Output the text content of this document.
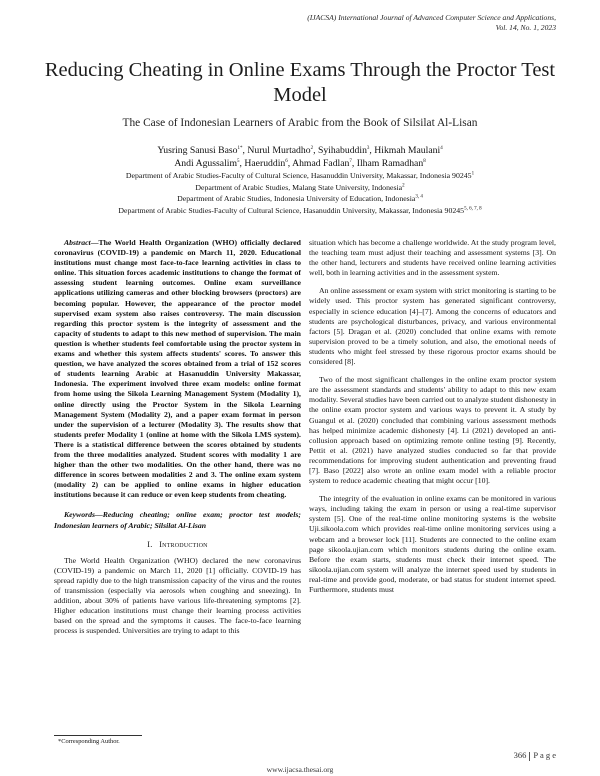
(IJACSA) International Journal of Advanced Computer Science and Applications,
Vol. 14, No. 1, 2023
Reducing Cheating in Online Exams Through the Proctor Test Model
The Case of Indonesian Learners of Arabic from the Book of Silsilat Al-Lisan
Yusring Sanusi Baso$^{1*}$, Nurul Murtadho$^2$, Syihabuddin$^3$, Hikmah Maulani$^4$
Andi Agussalim$^5$, Haeruddin$^6$, Ahmad Fadlan$^7$, Ilham Ramadhan$^8$
Department of Arabic Studies-Faculty of Cultural Science, Hasanuddin University, Makassar, Indonesia 90245$^1$
Department of Arabic Studies, Malang State University, Indonesia$^2$
Department of Arabic Studies, Indonesia University of Education, Indonesia$^{3, 4}$
Department of Arabic Studies-Faculty of Cultural Science, Hasanuddin University, Makassar, Indonesia 90245$^{5, 6, 7, 8}$

Abstract—The World Health Organization (WHO) officially declared coronavirus (COVID-19) a pandemic on March 11, 2020. Educational institutions must change most face-to-face learning activities in class to online. This situation forces academic institutions to change the format of assessing student learning outcomes. Online exam surveillance applications utilizing cameras and other blocking browsers (proctors) are becoming popular. However, the appearance of the proctor model supervised exam system also raises controversy. The main discussion regarding this proctor system is the integrity of assessment and the capacity of students to adapt to this new method of supervision. The main question is whether students feel comfortable using the proctor system in exams and whether this system affects students' scores. To answer this question, we have analyzed the scores obtained from a trial of 152 scores of students learning Arabic at Hasanuddin University Makassar, Indonesia. The experiment involved three exam models: online format from home using the Sikola Learning Management System (Modality 1), online directly using the Proctor System in the Sikola Learning Management System (Modality 2), and a paper exam format in person under the supervision of a lecturer (Modality 3). The results show that students prefer Modality 1 (online at home with the Sikola LMS system). There is a statistical difference between the scores obtained by students from the three modalities analyzed. Student scores with modality 1 are higher than the other two modalities. On the other hand, there was no difference in scores between modalities 2 and 3. The online exam system (modality 2) can be applied to online exams in higher education institutions because it can reduce or even keep students from cheating.

Keywords—Reducing cheating; online exam; proctor test models; Indonesian learners of Arabic; Silsilat Al-Lisan

I. Introduction

The World Health Organization (WHO) declared the new coronavirus (COVID-19) a pandemic on March 11, 2020 [1] officially. COVID-19 has spread rapidly due to the high transmission capacity of the virus and the routes of transmission (especially via aerosols when coughing and sneezing). In addition, about 30% of patients have various life-threatening symptoms [2]. Higher education institutions must change their learning process activities based on the spread and the symptoms it causes. The face-to-face learning process is suspended. Universities are trying to adapt to this

situation which has become a challenge worldwide. At the study program level, the teaching team must adjust their teaching and assessment systems [3]. On the other hand, lecturers and students have received online learning activities well, both in learning activities and in the assessment system.

An online assessment or exam system with strict monitoring is starting to be widely used. This proctor system has generated significant controversy, especially in science education [4]–[7]. Among the concerns of educators and students are psychological disturbances, privacy, and various environmental factors [5]. Dragan et al. (2020) concluded that online exams with remote supervision proved to be a timely solution, and also, the emotional needs of students who might feel stressed by these rigorous proctor exams should be considered [8].

Two of the most significant challenges in the online exam proctor system are the assessment standards and students' ability to adapt to this new exam modality. Several studies have been carried out to analyze student dishonesty in the online exam proctor system and various ways to prevent it. A study by Guangul et al. (2020) concluded that combining various assessment methods has helped minimize academic dishonesty [4]. Li (2021) developed an anti-collusion approach based on optimizing remote online testing [9]. Recently, Pettit et al. (2021) have analyzed studies conducted so far that provide recommendations for improving student authentication and preventing fraud [7]. Baso [2022] also wrote an online exam model with a reliable proctor system to reduce academic cheating that might occur [10].

The integrity of the evaluation in online exams can be monitored in various ways, including taking the exam in person or using a real-time supervisor system [5]. One of the real-time online monitoring systems is the website Uji.sikoola.com which provides real-time online monitoring services using a webcam and a browser lock [11]. Students are connected to the online exam page sikoola.ujian.com which monitors students during the online exam. Before the exam starts, students must check their internet speed. The sikoola.ujian.com system will analyze the internet speed used by students in real-time and provide good, moderate, or bad status for student internet speed. Furthermore, students must

*Corresponding Author.
366 P a g e
www.ijacsa.thesai.org
